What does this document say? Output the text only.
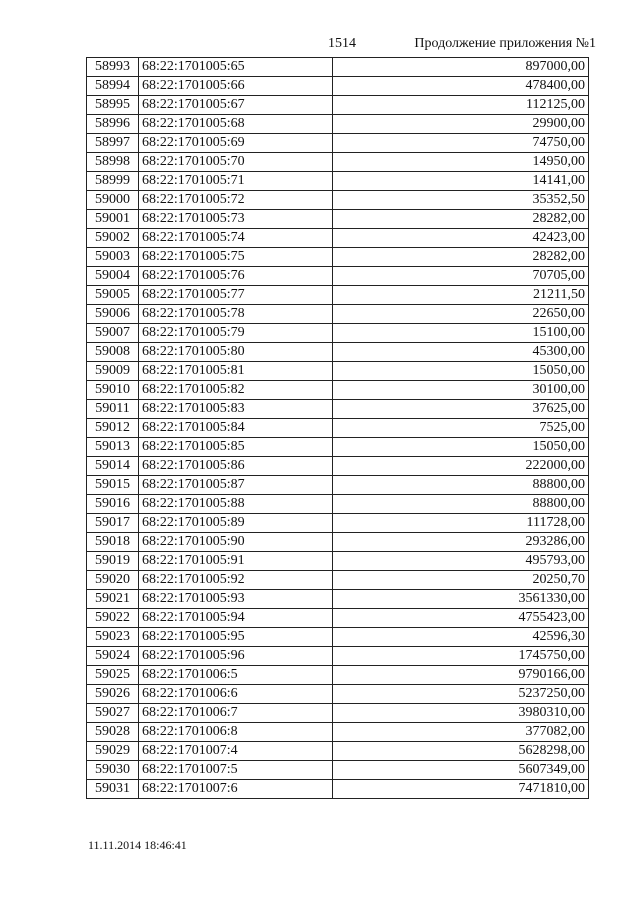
1514	Продолжение приложения №1
58993	68:22:1701005:65	897000,00
58994	68:22:1701005:66	478400,00
58995	68:22:1701005:67	112125,00
58996	68:22:1701005:68	29900,00
58997	68:22:1701005:69	74750,00
58998	68:22:1701005:70	14950,00
58999	68:22:1701005:71	14141,00
59000	68:22:1701005:72	35352,50
59001	68:22:1701005:73	28282,00
59002	68:22:1701005:74	42423,00
59003	68:22:1701005:75	28282,00
59004	68:22:1701005:76	70705,00
59005	68:22:1701005:77	21211,50
59006	68:22:1701005:78	22650,00
59007	68:22:1701005:79	15100,00
59008	68:22:1701005:80	45300,00
59009	68:22:1701005:81	15050,00
59010	68:22:1701005:82	30100,00
59011	68:22:1701005:83	37625,00
59012	68:22:1701005:84	7525,00
59013	68:22:1701005:85	15050,00
59014	68:22:1701005:86	222000,00
59015	68:22:1701005:87	88800,00
59016	68:22:1701005:88	88800,00
59017	68:22:1701005:89	111728,00
59018	68:22:1701005:90	293286,00
59019	68:22:1701005:91	495793,00
59020	68:22:1701005:92	20250,70
59021	68:22:1701005:93	3561330,00
59022	68:22:1701005:94	4755423,00
59023	68:22:1701005:95	42596,30
59024	68:22:1701005:96	1745750,00
59025	68:22:1701006:5	9790166,00
59026	68:22:1701006:6	5237250,00
59027	68:22:1701006:7	3980310,00
59028	68:22:1701006:8	377082,00
59029	68:22:1701007:4	5628298,00
59030	68:22:1701007:5	5607349,00
59031	68:22:1701007:6	7471810,00
11.11.2014 18:46:41
